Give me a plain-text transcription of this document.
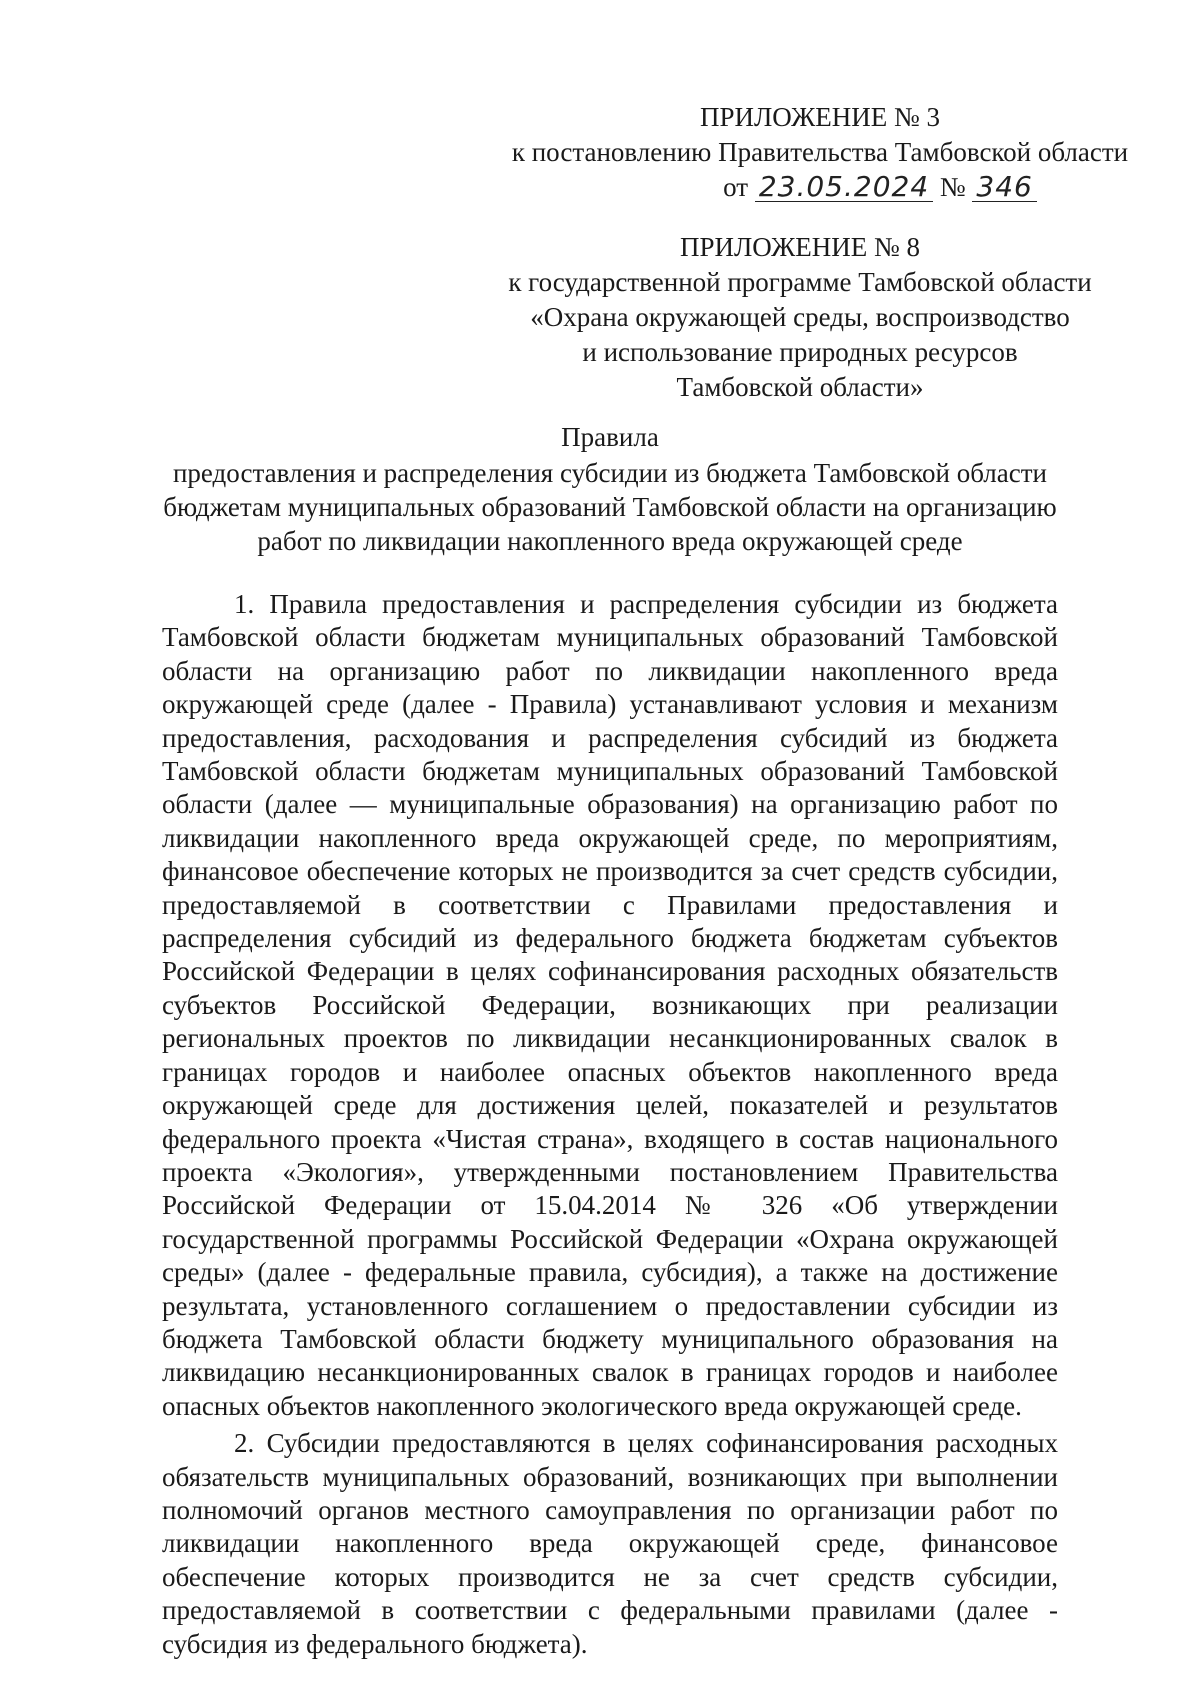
ПРИЛОЖЕНИЕ № 3
к постановлению Правительства Тамбовской области
от 23.05.2024 № 346
ПРИЛОЖЕНИЕ № 8
к государственной программе Тамбовской области
«Охрана окружающей среды, воспроизводство
и использование природных ресурсов
Тамбовской области»
Правила
предоставления и распределения субсидии из бюджета Тамбовской области
бюджетам муниципальных образований Тамбовской области на организацию
работ по ликвидации накопленного вреда окружающей среде

1. Правила предоставления и распределения субсидии из бюджета Тамбовской области бюджетам муниципальных образований Тамбовской области на организацию работ по ликвидации накопленного вреда окружающей среде (далее - Правила) устанавливают условия и механизм предоставления, расходования и распределения субсидий из бюджета Тамбовской области бюджетам муниципальных образований Тамбовской области (далее — муниципальные образования) на организацию работ по ликвидации накопленного вреда окружающей среде, по мероприятиям, финансовое обеспечение которых не производится за счет средств субсидии, предоставляемой в соответствии с Правилами предоставления и распределения субсидий из федерального бюджета бюджетам субъектов Российской Федерации в целях софинансирования расходных обязательств субъектов Российской Федерации, возникающих при реализации региональных проектов по ликвидации несанкционированных свалок в границах городов и наиболее опасных объектов накопленного вреда окружающей среде для достижения целей, показателей и результатов федерального проекта «Чистая страна», входящего в состав национального проекта «Экология», утвержденными постановлением Правительства Российской Федерации от 15.04.2014 № 326 «Об утверждении государственной программы Российской Федерации «Охрана окружающей среды» (далее - федеральные правила, субсидия), а также на достижение результата, установленного соглашением о предоставлении субсидии из бюджета Тамбовской области бюджету муниципального образования на ликвидацию несанкционированных свалок в границах городов и наиболее опасных объектов накопленного экологического вреда окружающей среде.

2. Субсидии предоставляются в целях софинансирования расходных обязательств муниципальных образований, возникающих при выполнении полномочий органов местного самоуправления по организации работ по ликвидации накопленного вреда окружающей среде, финансовое обеспечение которых производится не за счет средств субсидии, предоставляемой в соответствии с федеральными правилами (далее - субсидия из федерального бюджета).
